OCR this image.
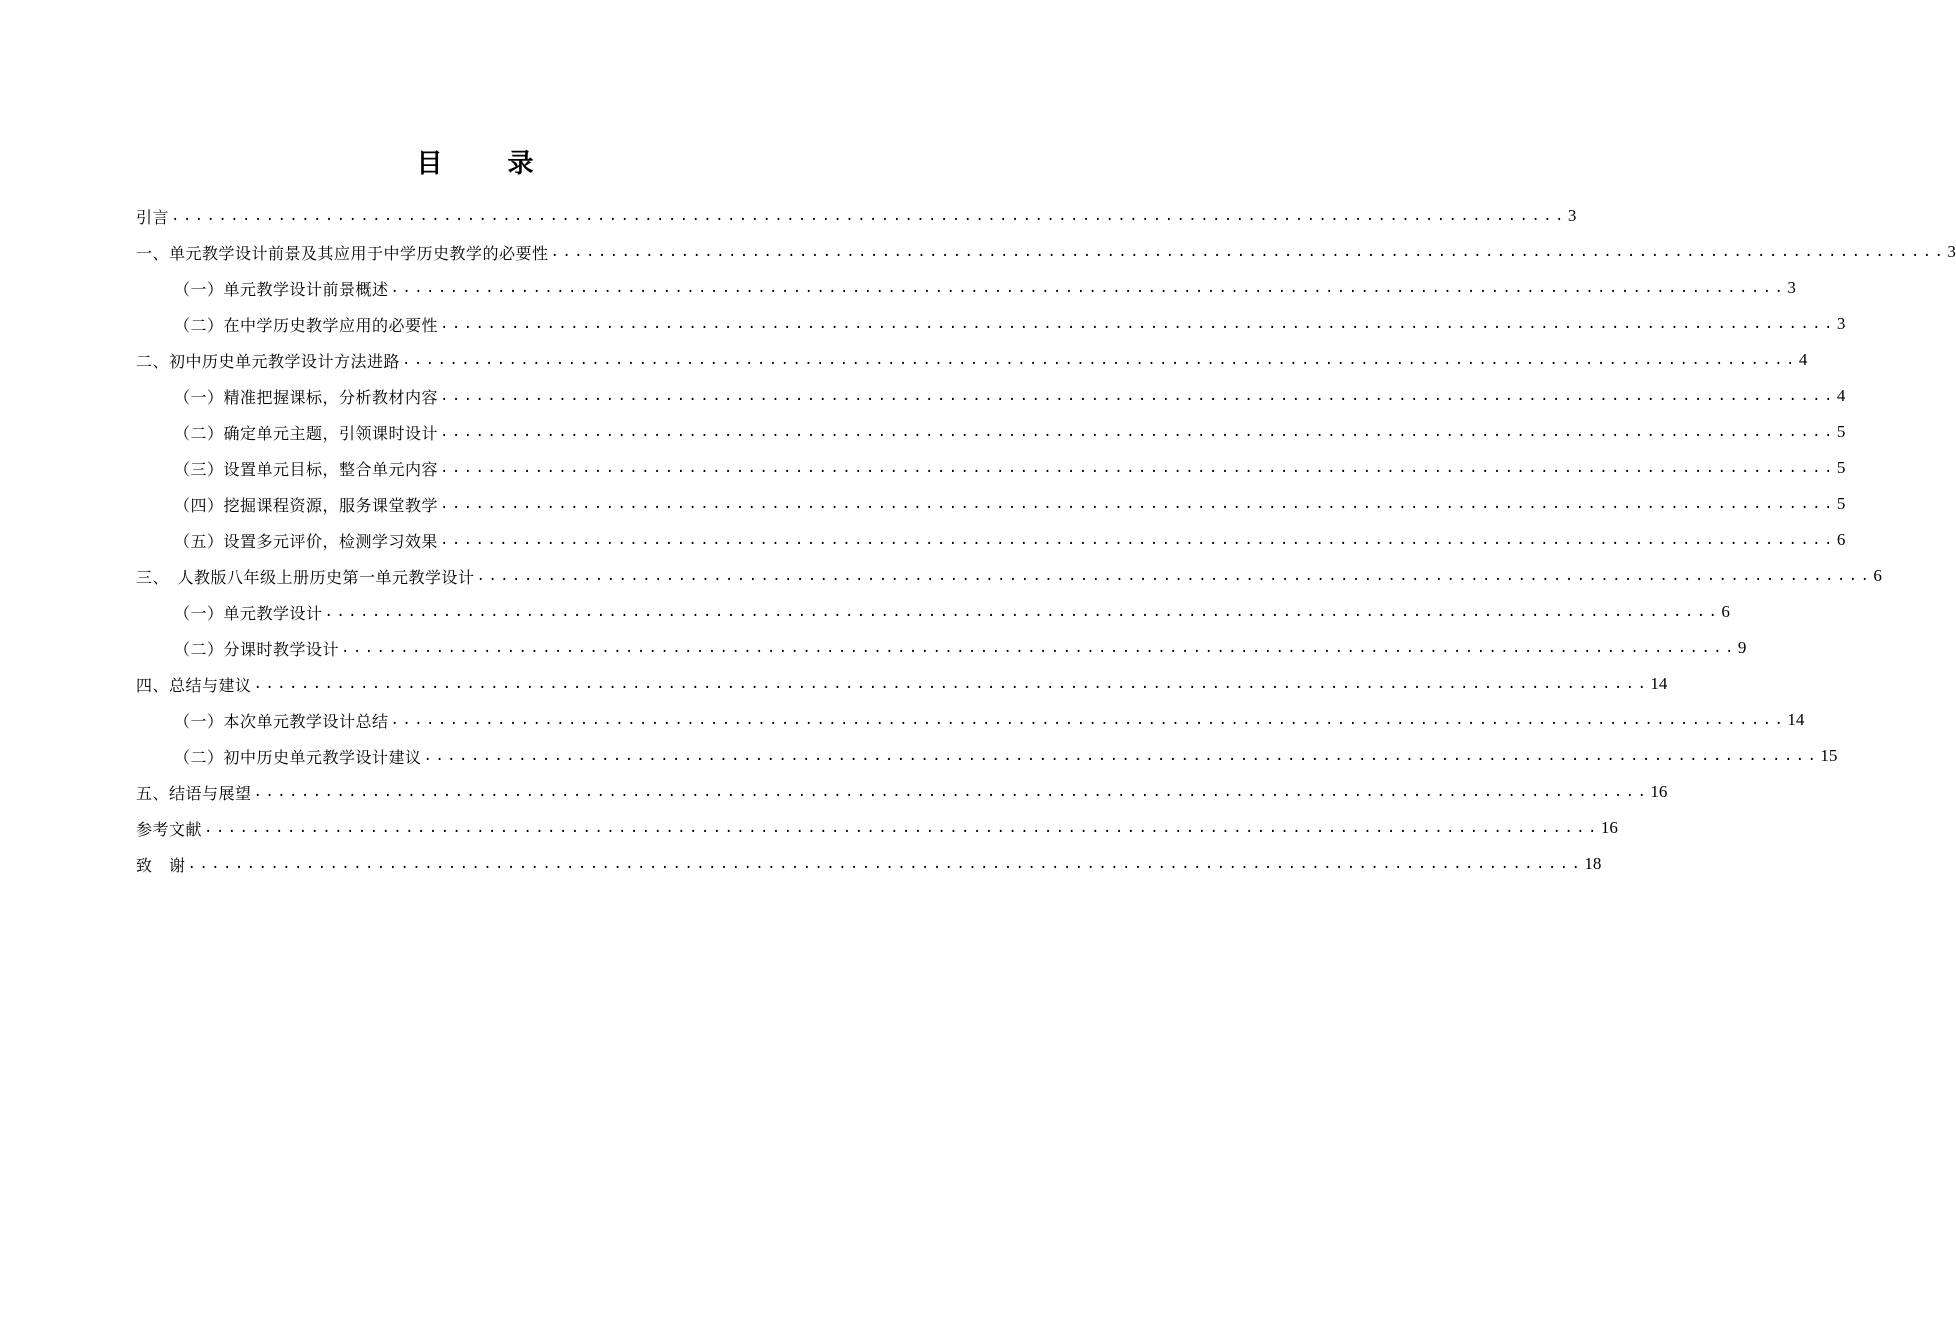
目 录
引言 ...................................................................................................................... 3
一、单元教学设计前景及其应用于中学历史教学的必要性 ...................................................................................................................... 3
（一）单元教学设计前景概述 ...................................................................................................................... 3
（二）在中学历史教学应用的必要性 ...................................................................................................................... 3
二、初中历史单元教学设计方法进路 ...................................................................................................................... 4
（一）精准把握课标，分析教材内容 ...................................................................................................................... 4
（二）确定单元主题，引领课时设计 ...................................................................................................................... 5
（三）设置单元目标，整合单元内容 ...................................................................................................................... 5
（四）挖掘课程资源，服务课堂教学 ...................................................................................................................... 5
（五）设置多元评价，检测学习效果 ...................................................................................................................... 6
三、　人教版八年级上册历史第一单元教学设计 ...................................................................................................................... 6
（一）单元教学设计 ...................................................................................................................... 6
（二）分课时教学设计 ...................................................................................................................... 9
四、总结与建议 ...................................................................................................................... 14
（一）本次单元教学设计总结 ...................................................................................................................... 14
（二）初中历史单元教学设计建议 ...................................................................................................................... 15
五、结语与展望 ...................................................................................................................... 16
参考文献 ...................................................................................................................... 16
致　谢 ...................................................................................................................... 18
